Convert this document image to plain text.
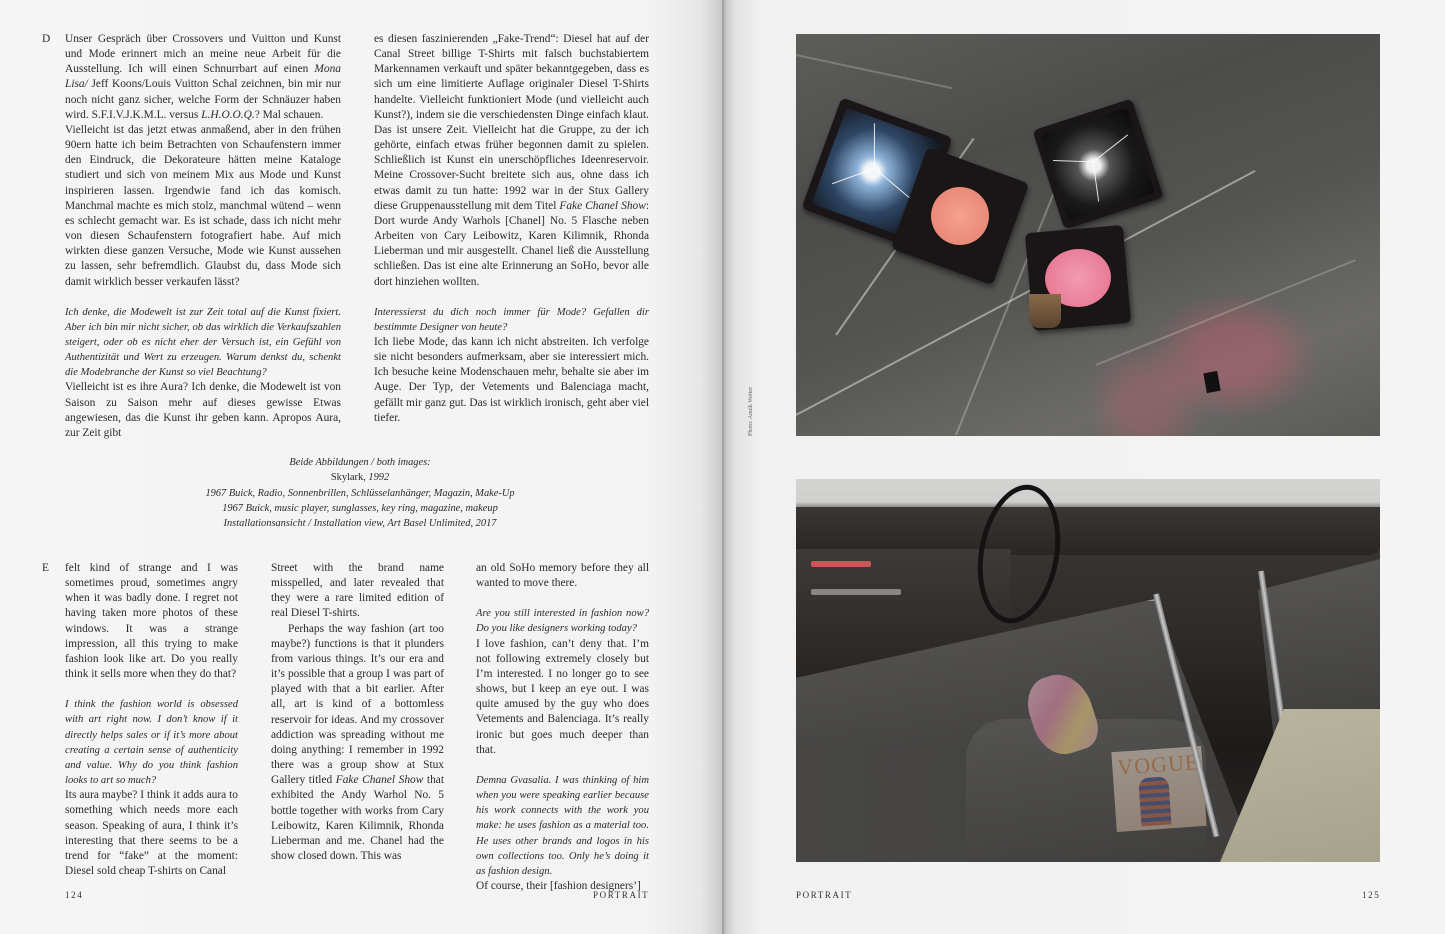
D Unser Gespräch über Crossovers und Vuitton und Kunst und Mode erinnert mich an meine neue Arbeit für die Ausstellung. Ich will einen Schnurrbart auf einen Mona Lisa/ Jeff Koons/Louis Vuitton Schal zeichnen, bin mir nur noch nicht ganz sicher, welche Form der Schnäuzer haben wird. S.F.I.V.J.K.M.L. versus L.H.O.O.Q.? Mal schauen.

Vielleicht ist das jetzt etwas anmaßend, aber in den frühen 90ern hatte ich beim Betrachten von Schaufenstern immer den Eindruck, die Dekorateure hätten meine Kataloge studiert und sich von meinem Mix aus Mode und Kunst inspirieren lassen. Irgendwie fand ich das komisch. Manchmal machte es mich stolz, manchmal wütend – wenn es schlecht gemacht war. Es ist schade, dass ich nicht mehr von diesen Schaufenstern fotografiert habe. Auf mich wirkten diese ganzen Versuche, Mode wie Kunst aussehen zu lassen, sehr befremdlich. Glaubst du, dass Mode sich damit wirklich besser verkaufen lässt?

Ich denke, die Modewelt ist zur Zeit total auf die Kunst fixiert. Aber ich bin mir nicht sicher, ob das wirklich die Verkaufszahlen steigert, oder ob es nicht eher der Versuch ist, ein Gefühl von Authentizität und Wert zu erzeugen. Warum denkst du, schenkt die Modebranche der Kunst so viel Beachtung?

Vielleicht ist es ihre Aura? Ich denke, die Modewelt ist von Saison zu Saison mehr auf dieses gewisse Etwas angewiesen, das die Kunst ihr geben kann. Apropos Aura, zur Zeit gibt

es diesen faszinierenden „Fake-Trend“: Diesel hat auf der Canal Street billige T-Shirts mit falsch buchstabiertem Markennamen verkauft und später bekanntgegeben, dass es sich um eine limitierte Auflage originaler Diesel T-Shirts handelte. Vielleicht funktioniert Mode (und vielleicht auch Kunst?), indem sie die verschiedensten Dinge einfach klaut. Das ist unsere Zeit. Vielleicht hat die Gruppe, zu der ich gehörte, einfach etwas früher begonnen damit zu spielen. Schließlich ist Kunst ein unerschöpfliches Ideenreservoir. Meine Crossover-Sucht breitete sich aus, ohne dass ich etwas damit zu tun hatte: 1992 war in der Stux Gallery diese Gruppenausstellung mit dem Titel Fake Chanel Show: Dort wurde Andy Warhols [Chanel] No. 5 Flasche neben Arbeiten von Cary Leibowitz, Karen Kilimnik, Rhonda Lieberman und mir ausgestellt. Chanel ließ die Ausstellung schließen. Das ist eine alte Erinnerung an SoHo, bevor alle dort hinziehen wollten.

Interessierst du dich noch immer für Mode? Gefallen dir bestimmte Designer von heute?

Ich liebe Mode, das kann ich nicht abstreiten. Ich verfolge sie nicht besonders aufmerksam, aber sie interessiert mich. Ich besuche keine Modenschauen mehr, behalte sie aber im Auge. Der Typ, der Vetements und Balenciaga macht, gefällt mir ganz gut. Das ist wirklich ironisch, geht aber viel tiefer.

Beide Abbildungen / both images:
Skylark, 1992
1967 Buick, Radio, Sonnenbrillen, Schlüsselanhänger, Magazin, Make-Up
1967 Buick, music player, sunglasses, key ring, magazine, makeup
Installationsansicht / Installation view, Art Basel Unlimited, 2017
E felt kind of strange and I was sometimes proud, sometimes angry when it was badly done. I regret not having taken more photos of these windows. It was a strange impression, all this trying to make fashion look like art. Do you really think it sells more when they do that?

I think the fashion world is obsessed with art right now. I don’t know if it directly helps sales or if it’s more about creating a certain sense of authenticity and value. Why do you think fashion looks to art so much?

Its aura maybe? I think it adds aura to something which needs more each season. Speaking of aura, I think it’s interesting that there seems to be a trend for “fake” at the moment: Diesel sold cheap T-shirts on Canal

Street with the brand name misspelled, and later revealed that they were a rare limited edition of real Diesel T-shirts.

Perhaps the way fashion (art too maybe?) functions is that it plunders from various things. It’s our era and it’s possible that a group I was part of played with that a bit earlier. After all, art is kind of a bottomless reservoir for ideas. And my crossover addiction was spreading without me doing anything: I remember in 1992 there was a group show at Stux Gallery titled Fake Chanel Show that exhibited the Andy Warhol No. 5 bottle together with works from Cary Leibowitz, Karen Kilimnik, Rhonda Lieberman and me. Chanel had the show closed down. This was

an old SoHo memory before they all wanted to move there.

Are you still interested in fashion now? Do you like designers working today?

I love fashion, can’t deny that. I’m not following extremely closely but I’m interested. I no longer go to see shows, but I keep an eye out. I was quite amused by the guy who does Vetements and Balenciaga. It’s really ironic but goes much deeper than that.

Demna Gvasalia. I was thinking of him when you were speaking earlier because his work connects with the work you make: he uses fashion as a material too. He uses other brands and logos in his own collections too. Only he’s doing it as fashion design.

Of course, their [fashion designers’]

124	PORTRAIT
Photo: Annik Wetter
PORTRAIT	125
